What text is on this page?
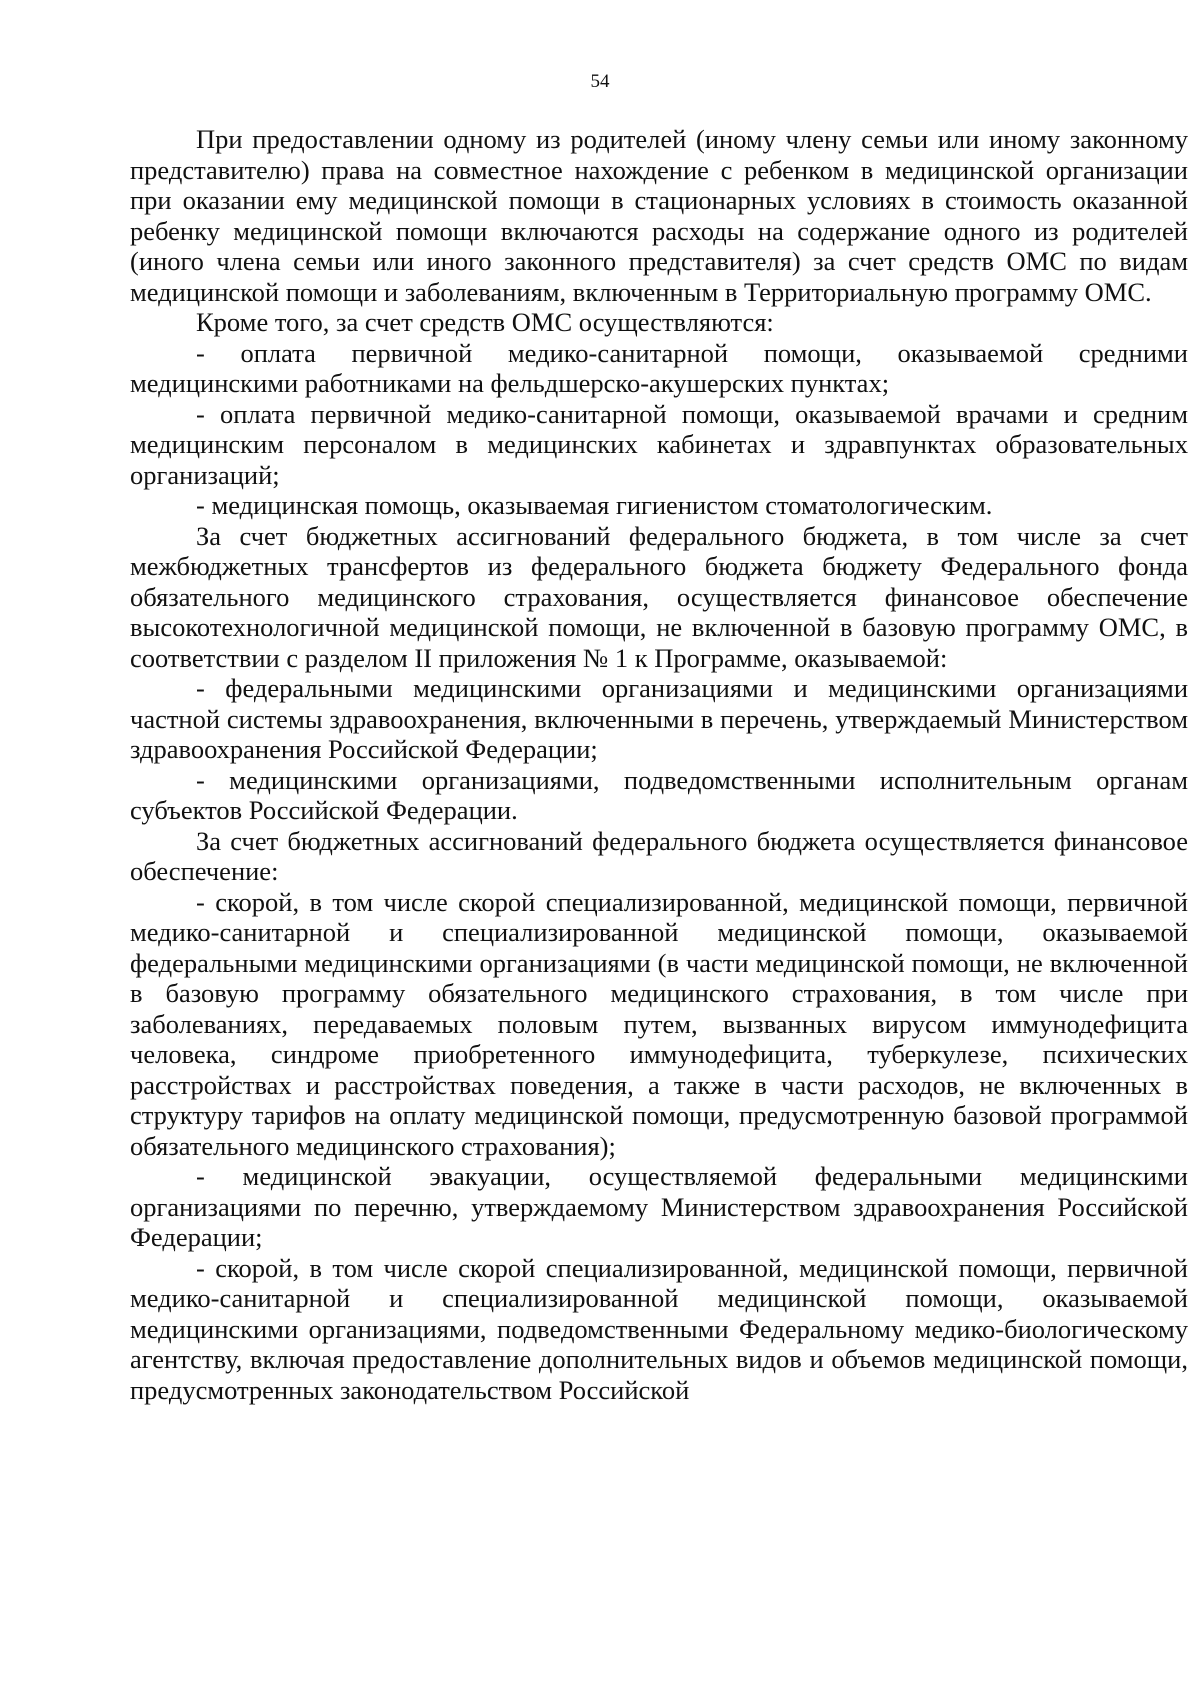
54

При предоставлении одному из родителей (иному члену семьи или иному законному представителю) права на совместное нахождение с ребенком в медицинской организации при оказании ему медицинской помощи в стационарных условиях в стоимость оказанной ребенку медицинской помощи включаются расходы на содержание одного из родителей (иного члена семьи или иного законного представителя) за счет средств ОМС по видам медицинской помощи и заболеваниям, включенным в Территориальную программу ОМС.

Кроме того, за счет средств ОМС осуществляются:

- оплата первичной медико-санитарной помощи, оказываемой средними медицинскими работниками на фельдшерско-акушерских пунктах;

- оплата первичной медико-санитарной помощи, оказываемой врачами и средним медицинским персоналом в медицинских кабинетах и здравпунктах образовательных организаций;

- медицинская помощь, оказываемая гигиенистом стоматологическим.

За счет бюджетных ассигнований федерального бюджета, в том числе за счет межбюджетных трансфертов из федерального бюджета бюджету Федерального фонда обязательного медицинского страхования, осуществляется финансовое обеспечение высокотехнологичной медицинской помощи, не включенной в базовую программу ОМС, в соответствии с разделом II приложения № 1 к Программе, оказываемой:

- федеральными медицинскими организациями и медицинскими организациями частной системы здравоохранения, включенными в перечень, утверждаемый Министерством здравоохранения Российской Федерации;

- медицинскими организациями, подведомственными исполнительным органам субъектов Российской Федерации.

За счет бюджетных ассигнований федерального бюджета осуществляется финансовое обеспечение:

- скорой, в том числе скорой специализированной, медицинской помощи, первичной медико-санитарной и специализированной медицинской помощи, оказываемой федеральными медицинскими организациями (в части медицинской помощи, не включенной в базовую программу обязательного медицинского страхования, в том числе при заболеваниях, передаваемых половым путем, вызванных вирусом иммунодефицита человека, синдроме приобретенного иммунодефицита, туберкулезе, психических расстройствах и расстройствах поведения, а также в части расходов, не включенных в структуру тарифов на оплату медицинской помощи, предусмотренную базовой программой обязательного медицинского страхования);

- медицинской эвакуации, осуществляемой федеральными медицинскими организациями по перечню, утверждаемому Министерством здравоохранения Российской Федерации;

- скорой, в том числе скорой специализированной, медицинской помощи, первичной медико-санитарной и специализированной медицинской помощи, оказываемой медицинскими организациями, подведомственными Федеральному медико-биологическому агентству, включая предоставление дополнительных видов и объемов медицинской помощи, предусмотренных законодательством Российской
